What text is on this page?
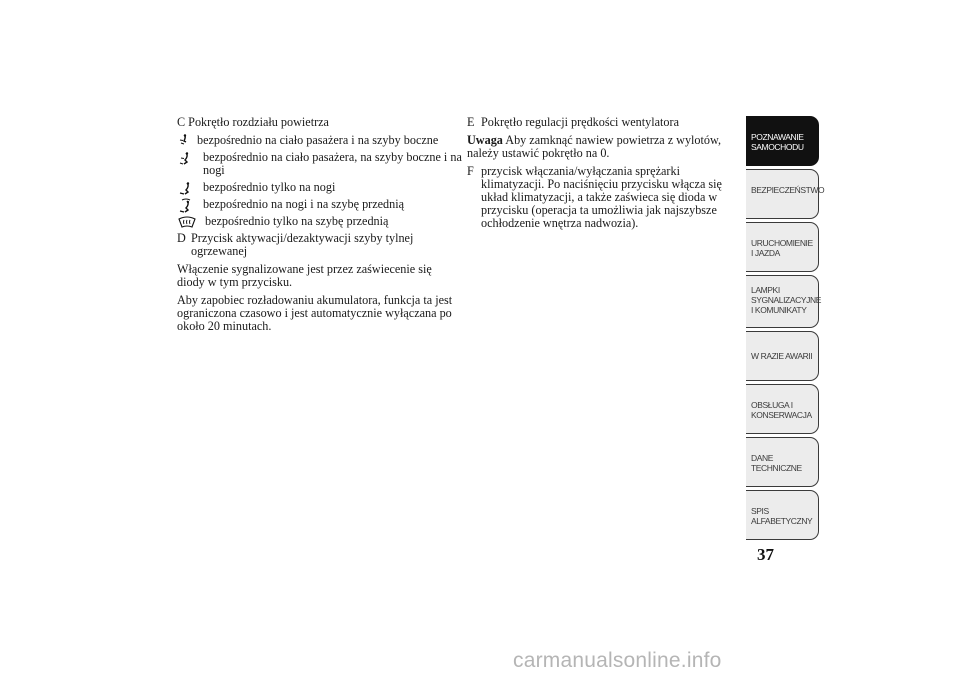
C Pokrętło rozdziału powietrza
bezpośrednio na ciało pasażera i na szyby boczne
bezpośrednio na ciało pasażera, na szyby boczne i na nogi
bezpośrednio tylko na nogi
bezpośrednio na nogi i na szybę przednią
bezpośrednio tylko na szybę przednią
D Przycisk aktywacji/dezaktywacji szyby tylnej ogrzewanej
Włączenie sygnalizowane jest przez zaświecenie się diody w tym przycisku.
Aby zapobiec rozładowaniu akumulatora, funkcja ta jest ograniczona czasowo i jest automatycznie wyłączana po około 20 minutach.
E Pokrętło regulacji prędkości wentylatora
Uwaga Aby zamknąć nawiew powietrza z wylotów, należy ustawić pokrętło na 0.
F przycisk włączania/wyłączania sprężarki klimatyzacji. Po naciśnięciu przycisku włącza się układ klimatyzacji, a także zaświeca się dioda w przycisku (operacja ta umożliwia jak najszybsze ochłodzenie wnętrza nadwozia).
POZNAWANIE SAMOCHODU
BEZPIECZEŃSTWO
URUCHOMIENIE I JAZDA
LAMPKI SYGNALIZACYJNE I KOMUNIKATY
W RAZIE AWARII
OBSŁUGA I KONSERWACJA
DANE TECHNICZNE
SPIS ALFABETYCZNY
37
carmanualsonline.info
